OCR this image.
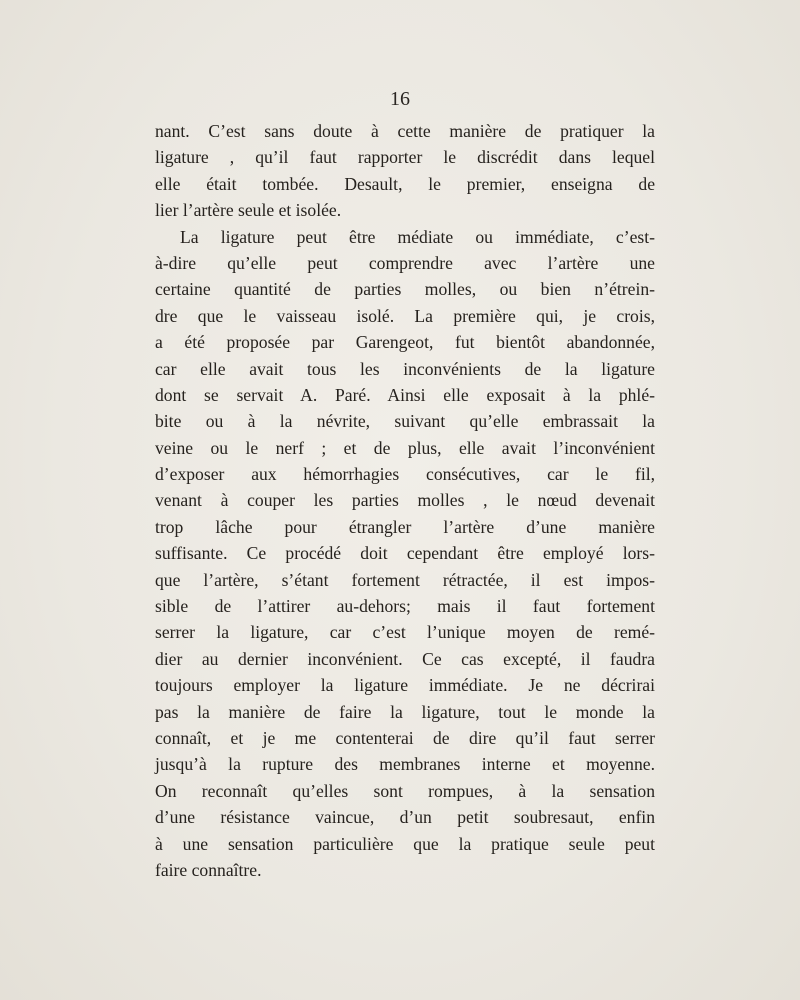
16
nant. C’est sans doute à cette manière de pratiquer la
ligature , qu’il faut rapporter le discrédit dans lequel
elle était tombée. Desault, le premier, enseigna de
lier l’artère seule et isolée.
La ligature peut être médiate ou immédiate, c’est-
à-dire qu’elle peut comprendre avec l’artère une
certaine quantité de parties molles, ou bien n’étrein-
dre que le vaisseau isolé. La première qui, je crois,
a été proposée par Garengeot, fut bientôt abandonnée,
car elle avait tous les inconvénients de la ligature
dont se servait A. Paré. Ainsi elle exposait à la phlé-
bite ou à la névrite, suivant qu’elle embrassait la
veine ou le nerf ; et de plus, elle avait l’inconvénient
d’exposer aux hémorrhagies consécutives, car le fil,
venant à couper les parties molles , le nœud devenait
trop lâche pour étrangler l’artère d’une manière
suffisante. Ce procédé doit cependant être employé lors-
que l’artère, s’étant fortement rétractée, il est impos-
sible de l’attirer au-dehors; mais il faut fortement
serrer la ligature, car c’est l’unique moyen de remé-
dier au dernier inconvénient. Ce cas excepté, il faudra
toujours employer la ligature immédiate. Je ne décrirai
pas la manière de faire la ligature, tout le monde la
connaît, et je me contenterai de dire qu’il faut serrer
jusqu’à la rupture des membranes interne et moyenne.
On reconnaît qu’elles sont rompues, à la sensation
d’une résistance vaincue, d’un petit soubresaut, enfin
à une sensation particulière que la pratique seule peut
faire connaître.
